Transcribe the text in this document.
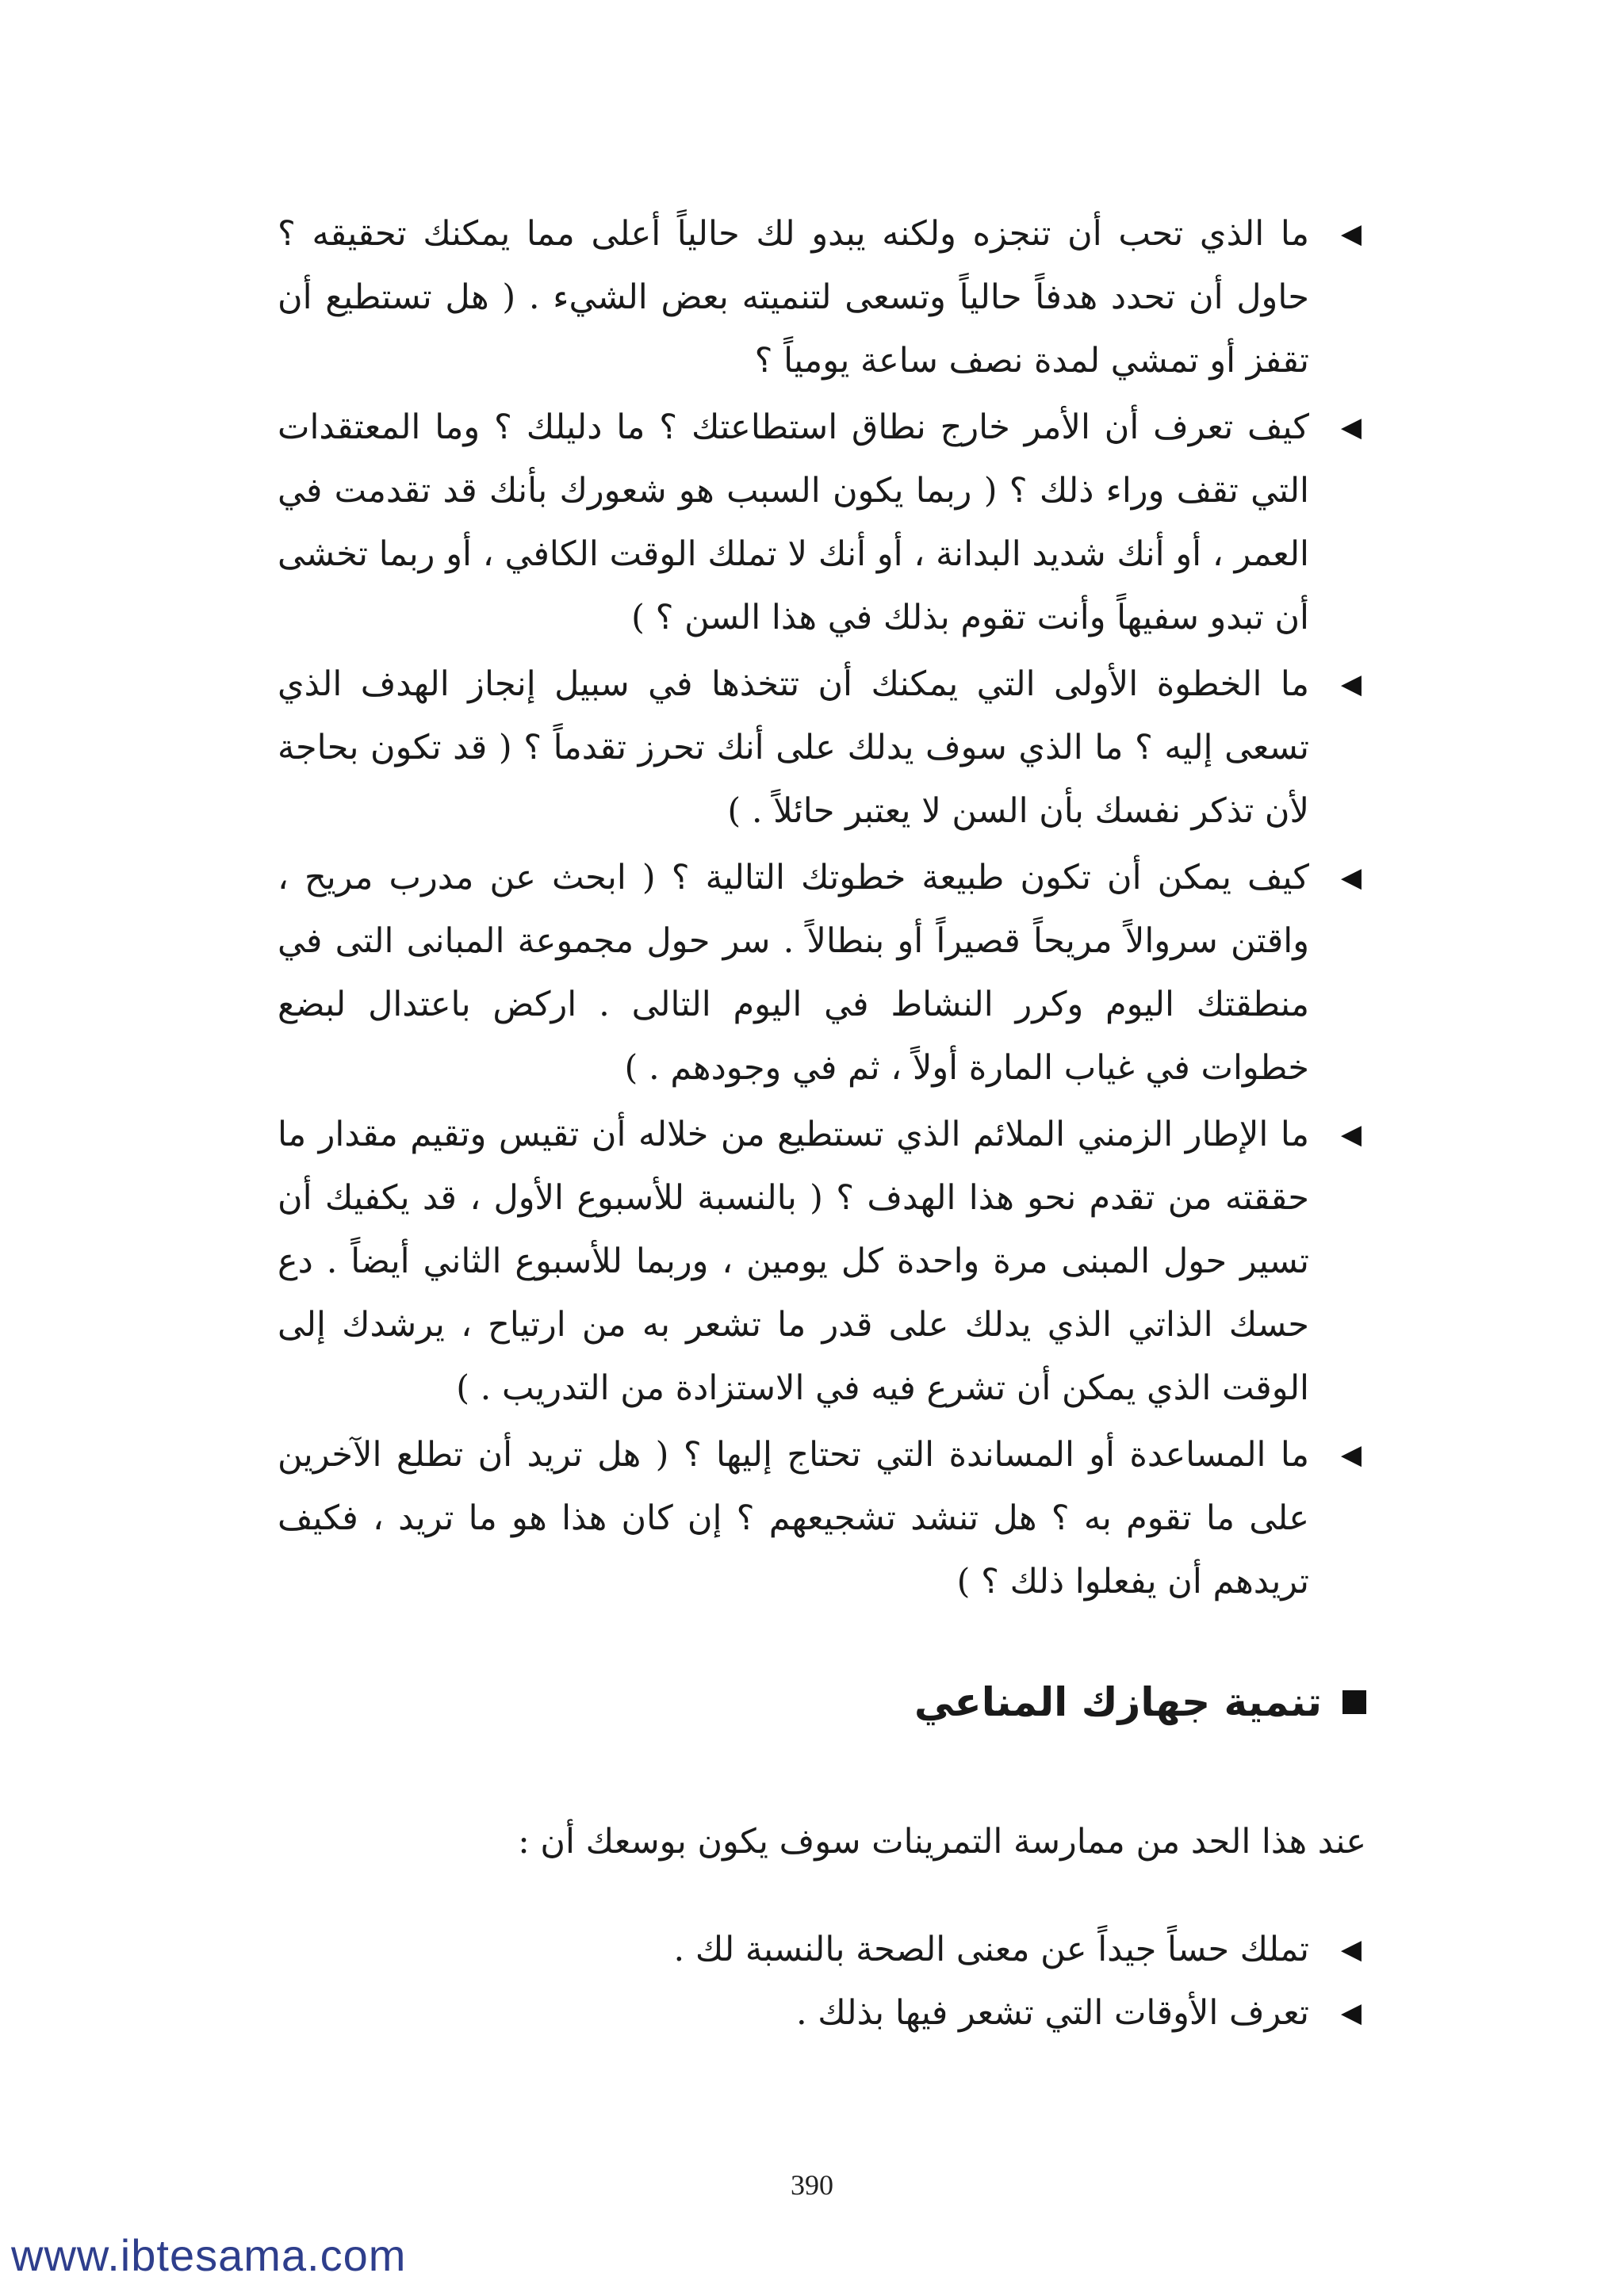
◀
ما الذي تحب أن تنجزه ولكنه يبدو لك حالياً أعلى مما يمكنك تحقيقه ؟ حاول أن تحدد هدفاً حالياً وتسعى لتنميته بعض الشيء . ( هل تستطيع أن تقفز أو تمشي لمدة نصف ساعة يومياً ؟
◀
كيف تعرف أن الأمر خارج نطاق استطاعتك ؟ ما دليلك ؟ وما المعتقدات التي تقف وراء ذلك ؟ ( ربما يكون السبب هو شعورك بأنك قد تقدمت في العمر ، أو أنك شديد البدانة ، أو أنك لا تملك الوقت الكافي ، أو ربما تخشى أن تبدو سفيهاً وأنت تقوم بذلك في هذا السن ؟ )
◀
ما الخطوة الأولى التي يمكنك أن تتخذها في سبيل إنجاز الهدف الذي تسعى إليه ؟ ما الذي سوف يدلك على أنك تحرز تقدماً ؟ ( قد تكون بحاجة لأن تذكر نفسك بأن السن لا يعتبر حائلاً . )
◀
كيف يمكن أن تكون طبيعة خطوتك التالية ؟ ( ابحث عن مدرب مريح ، واقتن سروالاً مريحاً قصيراً أو بنطالاً . سر حول مجموعة المبانى التى في منطقتك اليوم وكرر النشاط في اليوم التالى . اركض باعتدال لبضع خطوات في غياب المارة أولاً ، ثم في وجودهم . )
◀
ما الإطار الزمني الملائم الذي تستطيع من خلاله أن تقيس وتقيم مقدار ما حققته من تقدم نحو هذا الهدف ؟ ( بالنسبة للأسبوع الأول ، قد يكفيك أن تسير حول المبنى مرة واحدة كل يومين ، وربما للأسبوع الثاني أيضاً . دع حسك الذاتي الذي يدلك على قدر ما تشعر به من ارتياح ، يرشدك إلى الوقت الذي يمكن أن تشرع فيه في الاستزادة من التدريب . )
◀
ما المساعدة أو المساندة التي تحتاج إليها ؟ ( هل تريد أن تطلع الآخرين على ما تقوم به ؟ هل تنشد تشجيعهم ؟ إن كان هذا هو ما تريد ، فكيف تريدهم أن يفعلوا ذلك ؟ )
تنمية جهازك المناعي
عند هذا الحد من ممارسة التمرينات سوف يكون بوسعك أن :
◀
تملك حساً جيداً عن معنى الصحة بالنسبة لك .
◀
تعرف الأوقات التي تشعر فيها بذلك .
390
www.ibtesama.com
